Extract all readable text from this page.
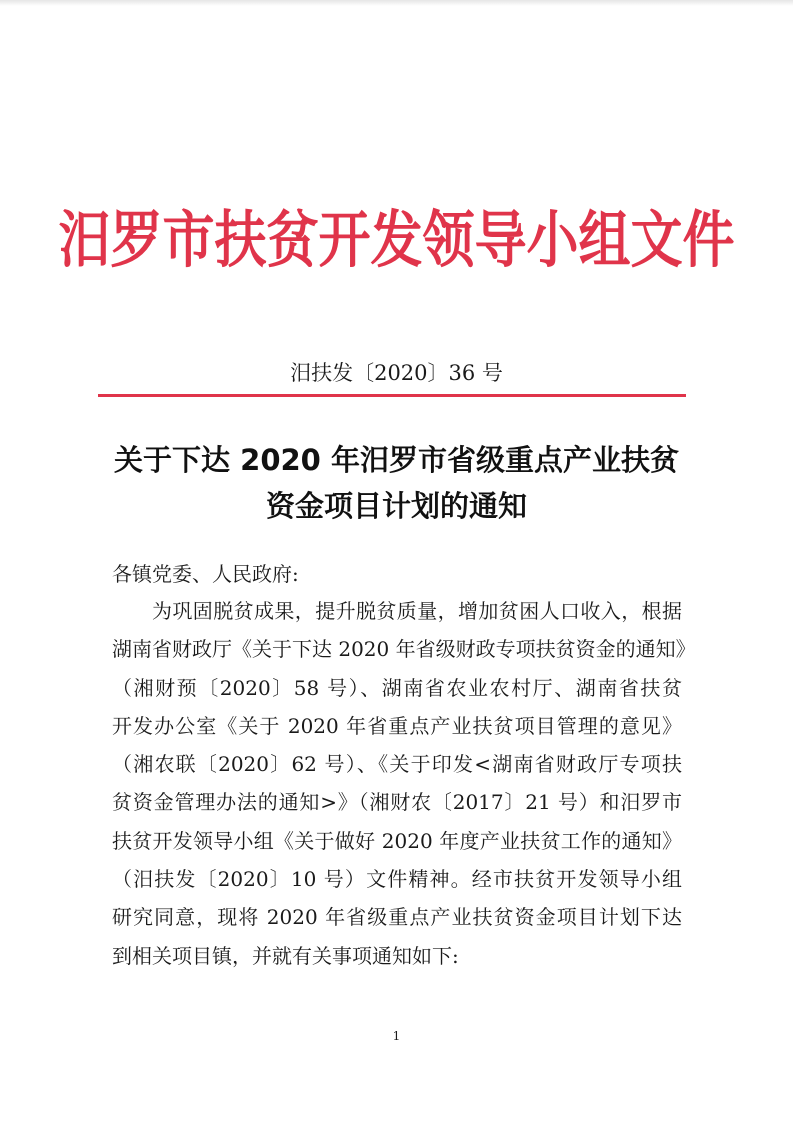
汨罗市扶贫开发领导小组文件
汨扶发〔2020〕36 号
关于下达 2020 年汨罗市省级重点产业扶贫
资金项目计划的通知
各镇党委、人民政府:
为巩固脱贫成果，提升脱贫质量，增加贫困人口收入，根据
湖南省财政厅《关于下达 2020 年省级财政专项扶贫资金的通知》
（湘财预〔2020〕58 号）、湖南省农业农村厅、湖南省扶贫
开发办公室《关于 2020 年省重点产业扶贫项目管理的意见》
（湘农联〔2020〕62 号）、《关于印发<湖南省财政厅专项扶
贫资金管理办法的通知>》（湘财农〔2017〕21 号）和汨罗市
扶贫开发领导小组《关于做好 2020 年度产业扶贫工作的通知》
（汨扶发〔2020〕10 号）文件精神。经市扶贫开发领导小组
研究同意，现将 2020 年省级重点产业扶贫资金项目计划下达
到相关项目镇，并就有关事项通知如下:
1
